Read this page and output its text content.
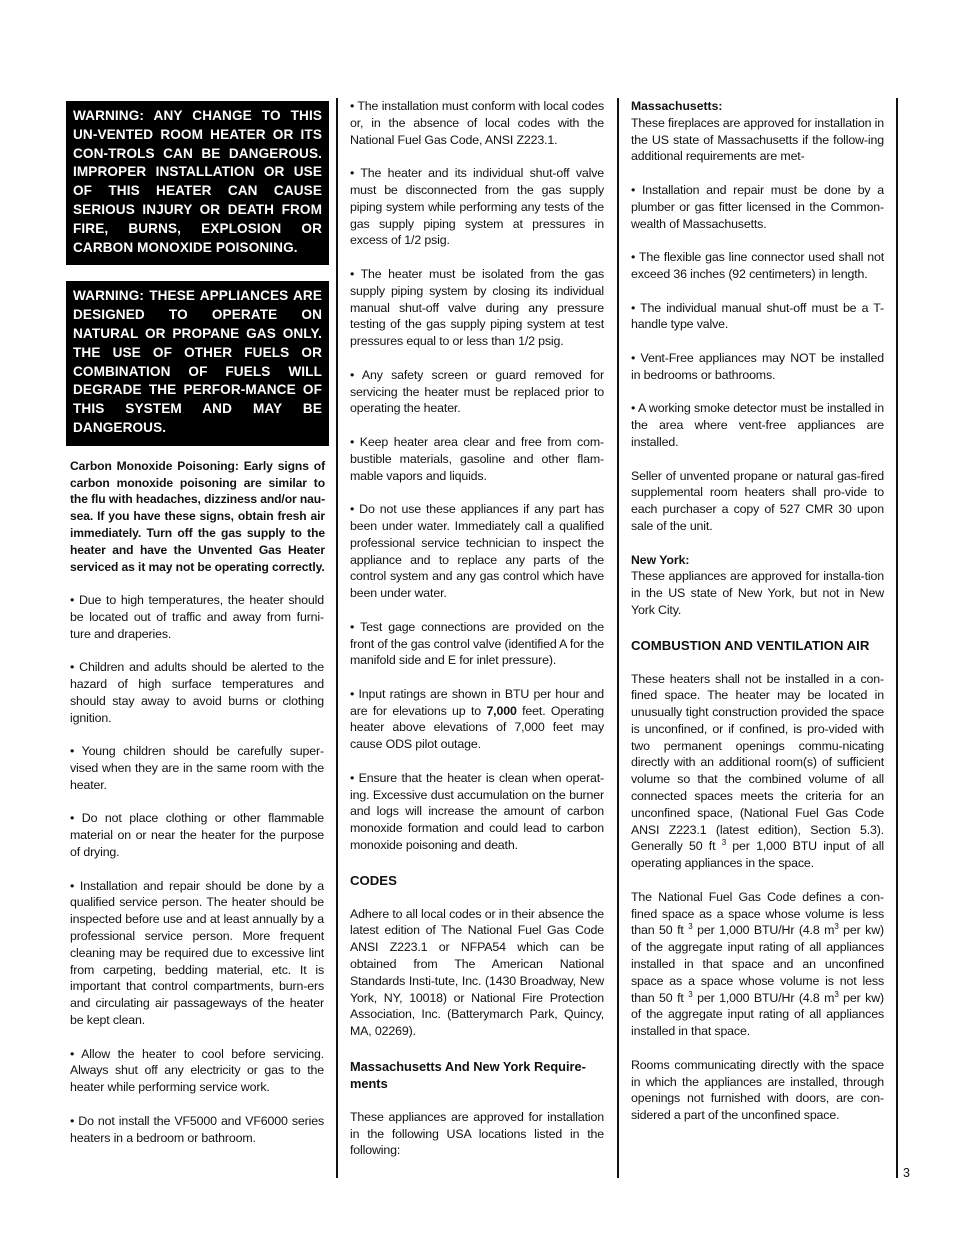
WARNING: ANY CHANGE TO THIS UN-VENTED ROOM HEATER OR ITS CON-TROLS CAN BE DANGEROUS. IMPROPER INSTALLATION OR USE OF THIS HEATER CAN CAUSE SERIOUS INJURY OR DEATH FROM FIRE, BURNS, EXPLOSION OR CARBON MONOXIDE POISONING.
WARNING: THESE APPLIANCES ARE DESIGNED TO OPERATE ON NATURAL OR PROPANE GAS ONLY. THE USE OF OTHER FUELS OR COMBINATION OF FUELS WILL DEGRADE THE PERFOR-MANCE OF THIS SYSTEM AND MAY BE DANGEROUS.
Carbon Monoxide Poisoning: Early signs of carbon monoxide poisoning are similar to the flu with headaches, dizziness and/or nau-sea. If you have these signs, obtain fresh air immediately. Turn off the gas supply to the heater and have the Unvented Gas Heater serviced as it may not be operating correctly.

• Due to high temperatures, the heater should be located out of traffic and away from furni-ture and draperies.

• Children and adults should be alerted to the hazard of high surface temperatures and should stay away to avoid burns or clothing ignition.

• Young children should be carefully super-vised when they are in the same room with the heater.

• Do not place clothing or other flammable material on or near the heater for the purpose of drying.

• Installation and repair should be done by a qualified service person. The heater should be inspected before use and at least annually by a professional service person. More frequent cleaning may be required due to excessive lint from carpeting, bedding material, etc. It is important that control compartments, burn-ers and circulating air passageways of the heater be kept clean.

• Allow the heater to cool before servicing. Always shut off any electricity or gas to the heater while performing service work.

• Do not install the VF5000 and VF6000 series heaters in a bedroom or bathroom.

• The installation must conform with local codes or, in the absence of local codes with the National Fuel Gas Code, ANSI Z223.1.

• The heater and its individual shut-off valve must be disconnected from the gas supply piping system while performing any tests of the gas supply piping system at pressures in excess of 1/2 psig.

• The heater must be isolated from the gas supply piping system by closing its individual manual shut-off valve during any pressure testing of the gas supply piping system at test pressures equal to or less than 1/2 psig.

• Any safety screen or guard removed for servicing the heater must be replaced prior to operating the heater.

• Keep heater area clear and free from com-bustible materials, gasoline and other flam-mable vapors and liquids.

• Do not use these appliances if any part has been under water. Immediately call a qualified professional service technician to inspect the appliance and to replace any parts of the control system and any gas control which have been under water.

• Test gage connections are provided on the front of the gas control valve (identified A for the manifold side and E for inlet pressure).

• Input ratings are shown in BTU per hour and are for elevations up to 7,000 feet. Operating heater above elevations of 7,000 feet may cause ODS pilot outage.

• Ensure that the heater is clean when operat-ing. Excessive dust accumulation on the burner and logs will increase the amount of carbon monoxide formation and could lead to carbon monoxide poisoning and death.

CODES

Adhere to all local codes or in their absence the latest edition of The National Fuel Gas Code ANSI Z223.1 or NFPA54 which can be obtained from The American National Standards Insti-tute, Inc. (1430 Broadway, New York, NY, 10018) or National Fire Protection Association, Inc. (Batterymarch Park, Quincy, MA, 02269).

Massachusetts And New York Require-ments

These appliances are approved for installation in the following USA locations listed in the following:

Massachusetts:

These fireplaces are approved for installation in the US state of Massachusetts if the follow-ing additional requirements are met-

• Installation and repair must be done by a plumber or gas fitter licensed in the Common-wealth of Massachusetts.

• The flexible gas line connector used shall not exceed 36 inches (92 centimeters) in length.

• The individual manual shut-off must be a T-handle type valve.

• Vent-Free appliances may NOT be installed in bedrooms or bathrooms.

• A working smoke detector must be installed in the area where vent-free appliances are installed.

Seller of unvented propane or natural gas-fired supplemental room heaters shall pro-vide to each purchaser a copy of 527 CMR 30 upon sale of the unit.

New York:

These appliances are approved for installa-tion in the US state of New York, but not in New York City.

COMBUSTION AND VENTILATION AIR

These heaters shall not be installed in a con-fined space. The heater may be located in unusually tight construction provided the space is unconfined, or if confined, is pro-vided with two permanent openings commu-nicating directly with an additional room(s) of sufficient volume so that the combined volume of all connected spaces meets the criteria for an unconfined space, (National Fuel Gas Code ANSI Z223.1 (latest edition), Section 5.3). Generally 50 ft $^3$ per 1,000 BTU input of all operating appliances in the space.

The National Fuel Gas Code defines a con-fined space as a space whose volume is less than 50 ft $^3$ per 1,000 BTU/Hr (4.8 $m^3$ per kw) of the aggregate input rating of all appliances installed in that space and an unconfined space as a space whose volume is not less than 50 ft $^3$ per 1,000 BTU/Hr (4.8 $m^3$ per kw) of the aggregate input rating of all appliances installed in that space.

Rooms communicating directly with the space in which the appliances are installed, through openings not furnished with doors, are con-sidered a part of the unconfined space.

3
